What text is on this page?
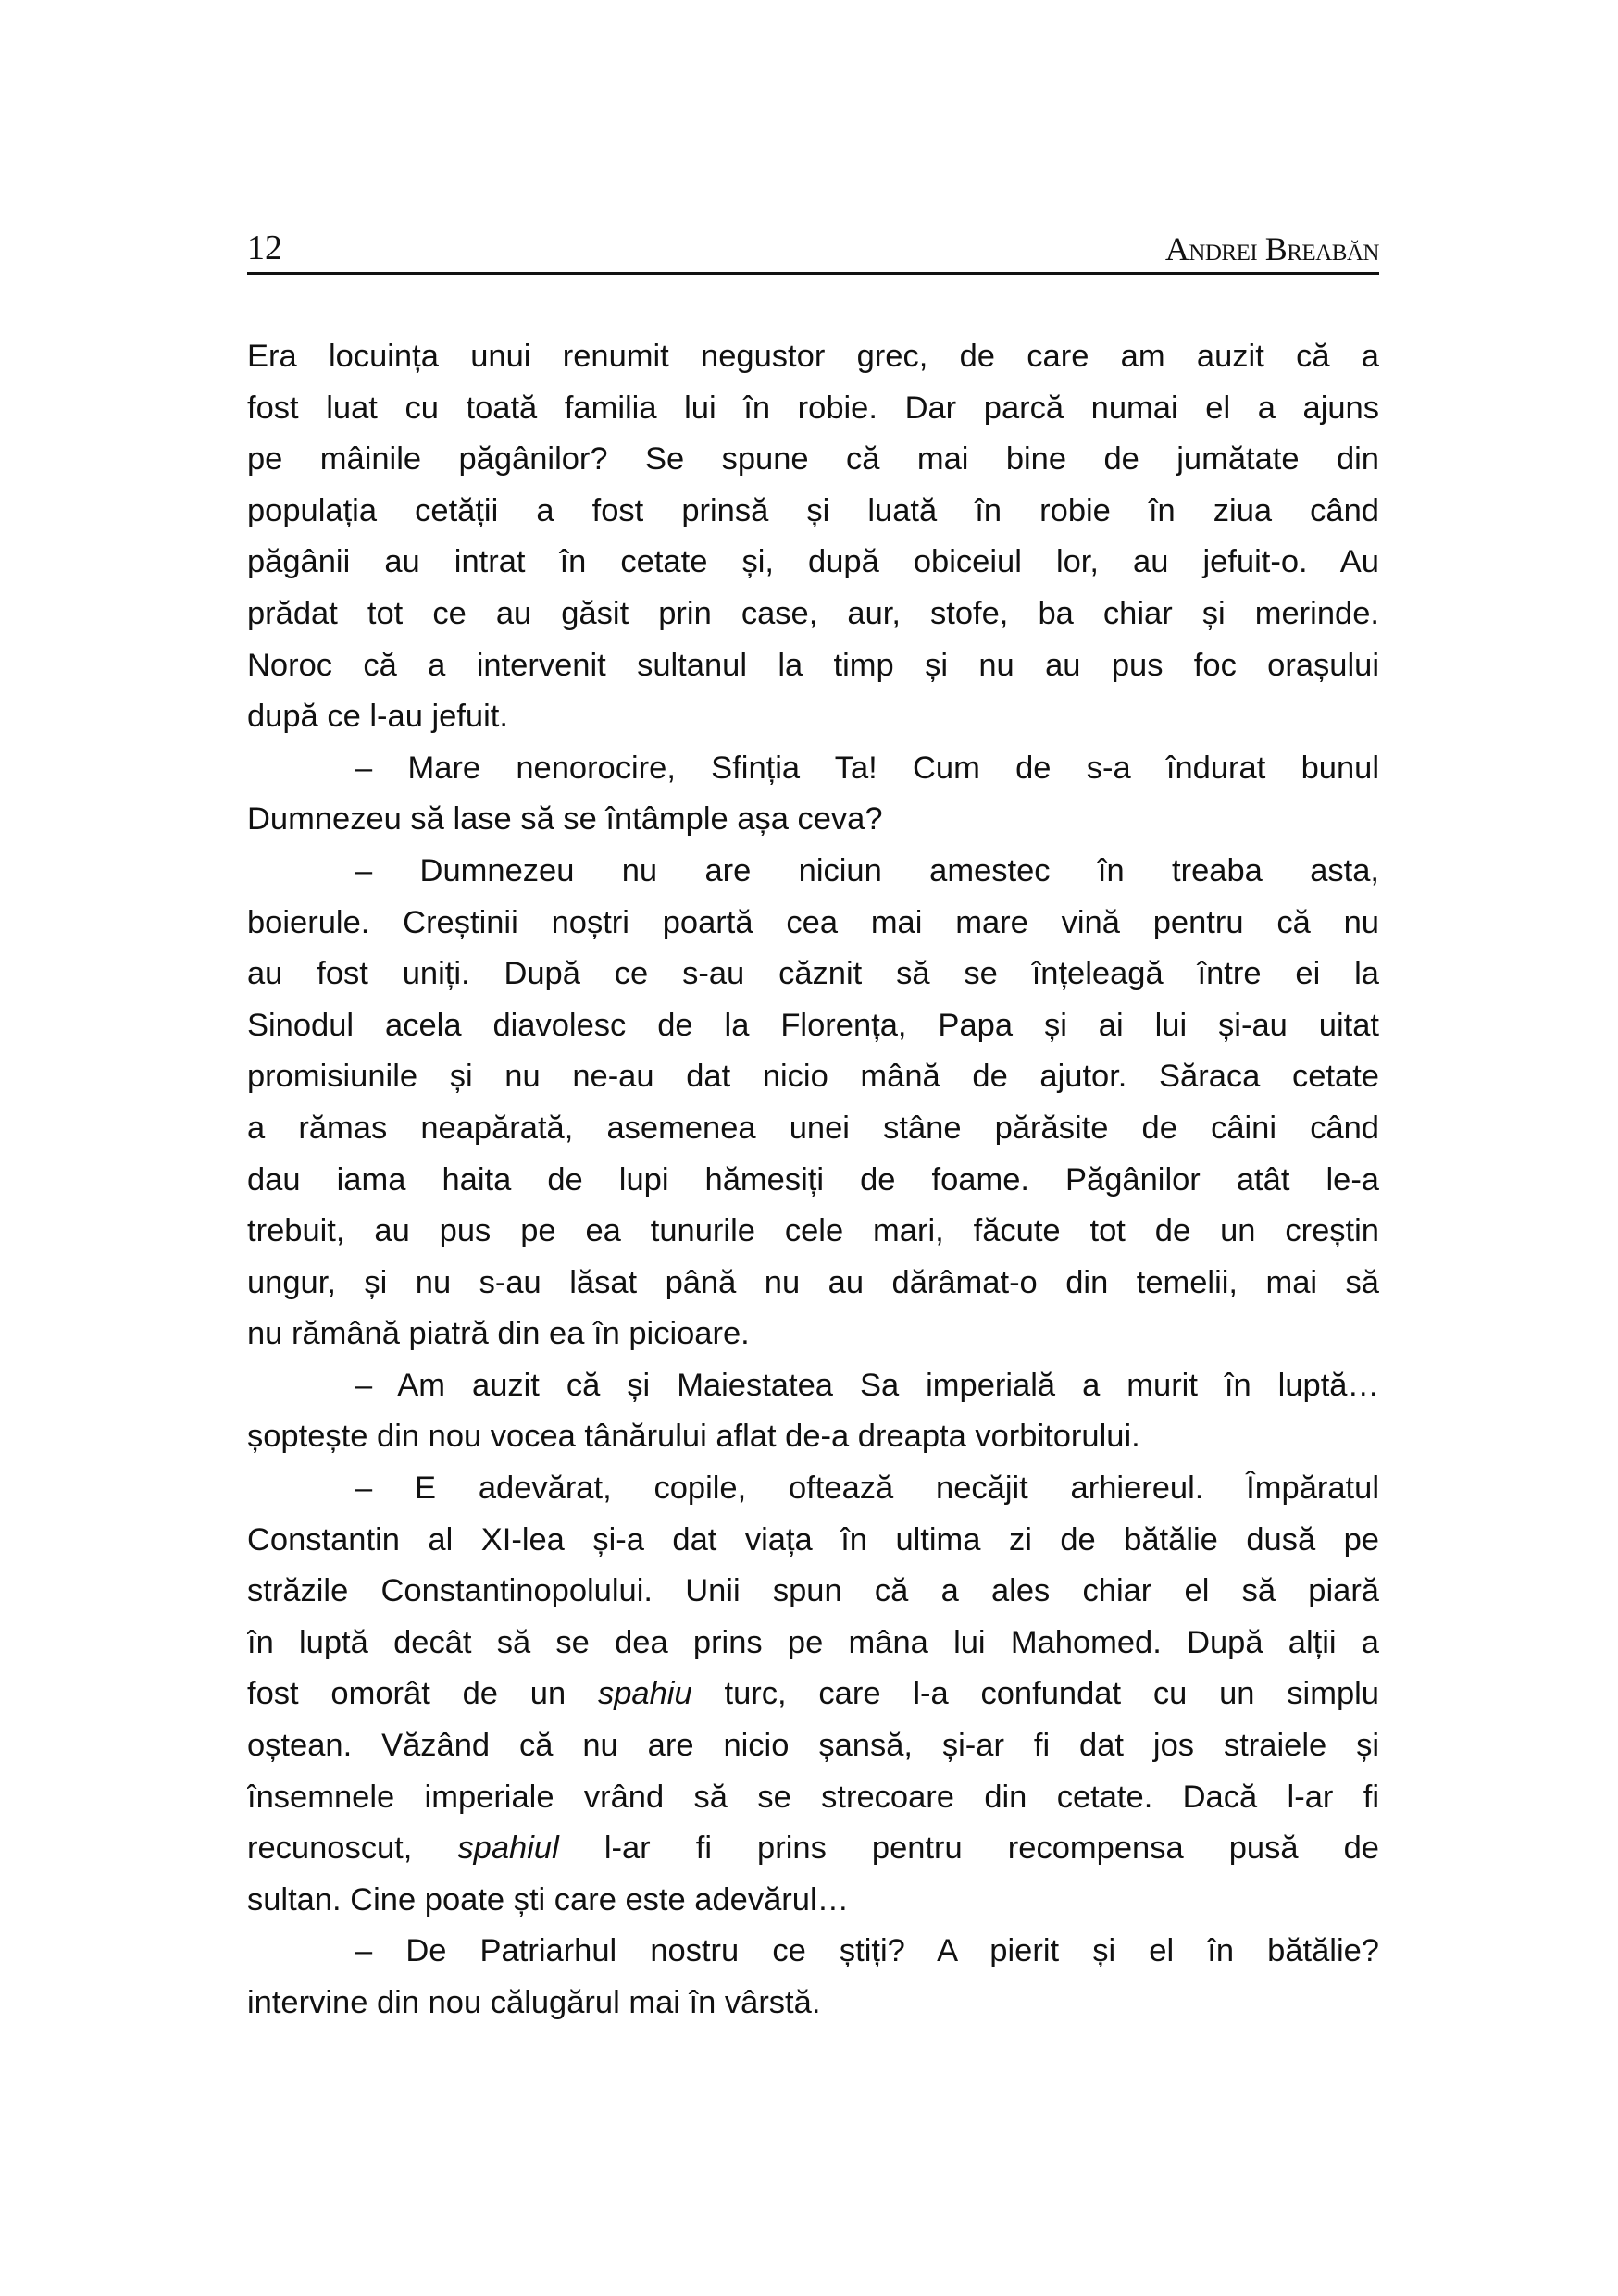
12	Andrei Breabăn
Era locuința unui renumit negustor grec, de care am auzit că a
fost luat cu toată familia lui în robie. Dar parcă numai el a ajuns
pe mâinile păgânilor? Se spune că mai bine de jumătate din
populația cetății a fost prinsă și luată în robie în ziua când
păgânii au intrat în cetate și, după obiceiul lor, au jefuit-o. Au
prădat tot ce au găsit prin case, aur, stofe, ba chiar și merinde.
Noroc că a intervenit sultanul la timp și nu au pus foc orașului
după ce l-au jefuit.
– Mare nenorocire, Sfinția Ta! Cum de s-a îndurat bunul
Dumnezeu să lase să se întâmple așa ceva?
– Dumnezeu nu are niciun amestec în treaba asta,
boierule. Creștinii noștri poartă cea mai mare vină pentru că nu
au fost uniți. După ce s-au căznit să se înțeleagă între ei la
Sinodul acela diavolesc de la Florența, Papa și ai lui și-au uitat
promisiunile și nu ne-au dat nicio mână de ajutor. Săraca cetate
a rămas neapărată, asemenea unei stâne părăsite de câini când
dau iama haita de lupi hămesiți de foame. Păgânilor atât le-a
trebuit, au pus pe ea tunurile cele mari, făcute tot de un creștin
ungur, și nu s-au lăsat până nu au dărâmat-o din temelii, mai să
nu rămână piatră din ea în picioare.
– Am auzit că și Maiestatea Sa imperială a murit în luptă…
șoptește din nou vocea tânărului aflat de-a dreapta vorbitorului.
– E adevărat, copile, oftează necăjit arhiereul. Împăratul
Constantin al XI-lea și-a dat viața în ultima zi de bătălie dusă pe
străzile Constantinopolului. Unii spun că a ales chiar el să piară
în luptă decât să se dea prins pe mâna lui Mahomed. După alții a
fost omorât de un spahiu turc, care l-a confundat cu un simplu
oștean. Văzând că nu are nicio șansă, și-ar fi dat jos straiele și
însemnele imperiale vrând să se strecoare din cetate. Dacă l-ar fi
recunoscut, spahiul l-ar fi prins pentru recompensa pusă de
sultan. Cine poate ști care este adevărul…
– De Patriarhul nostru ce știți? A pierit și el în bătălie?
intervine din nou călugărul mai în vârstă.
